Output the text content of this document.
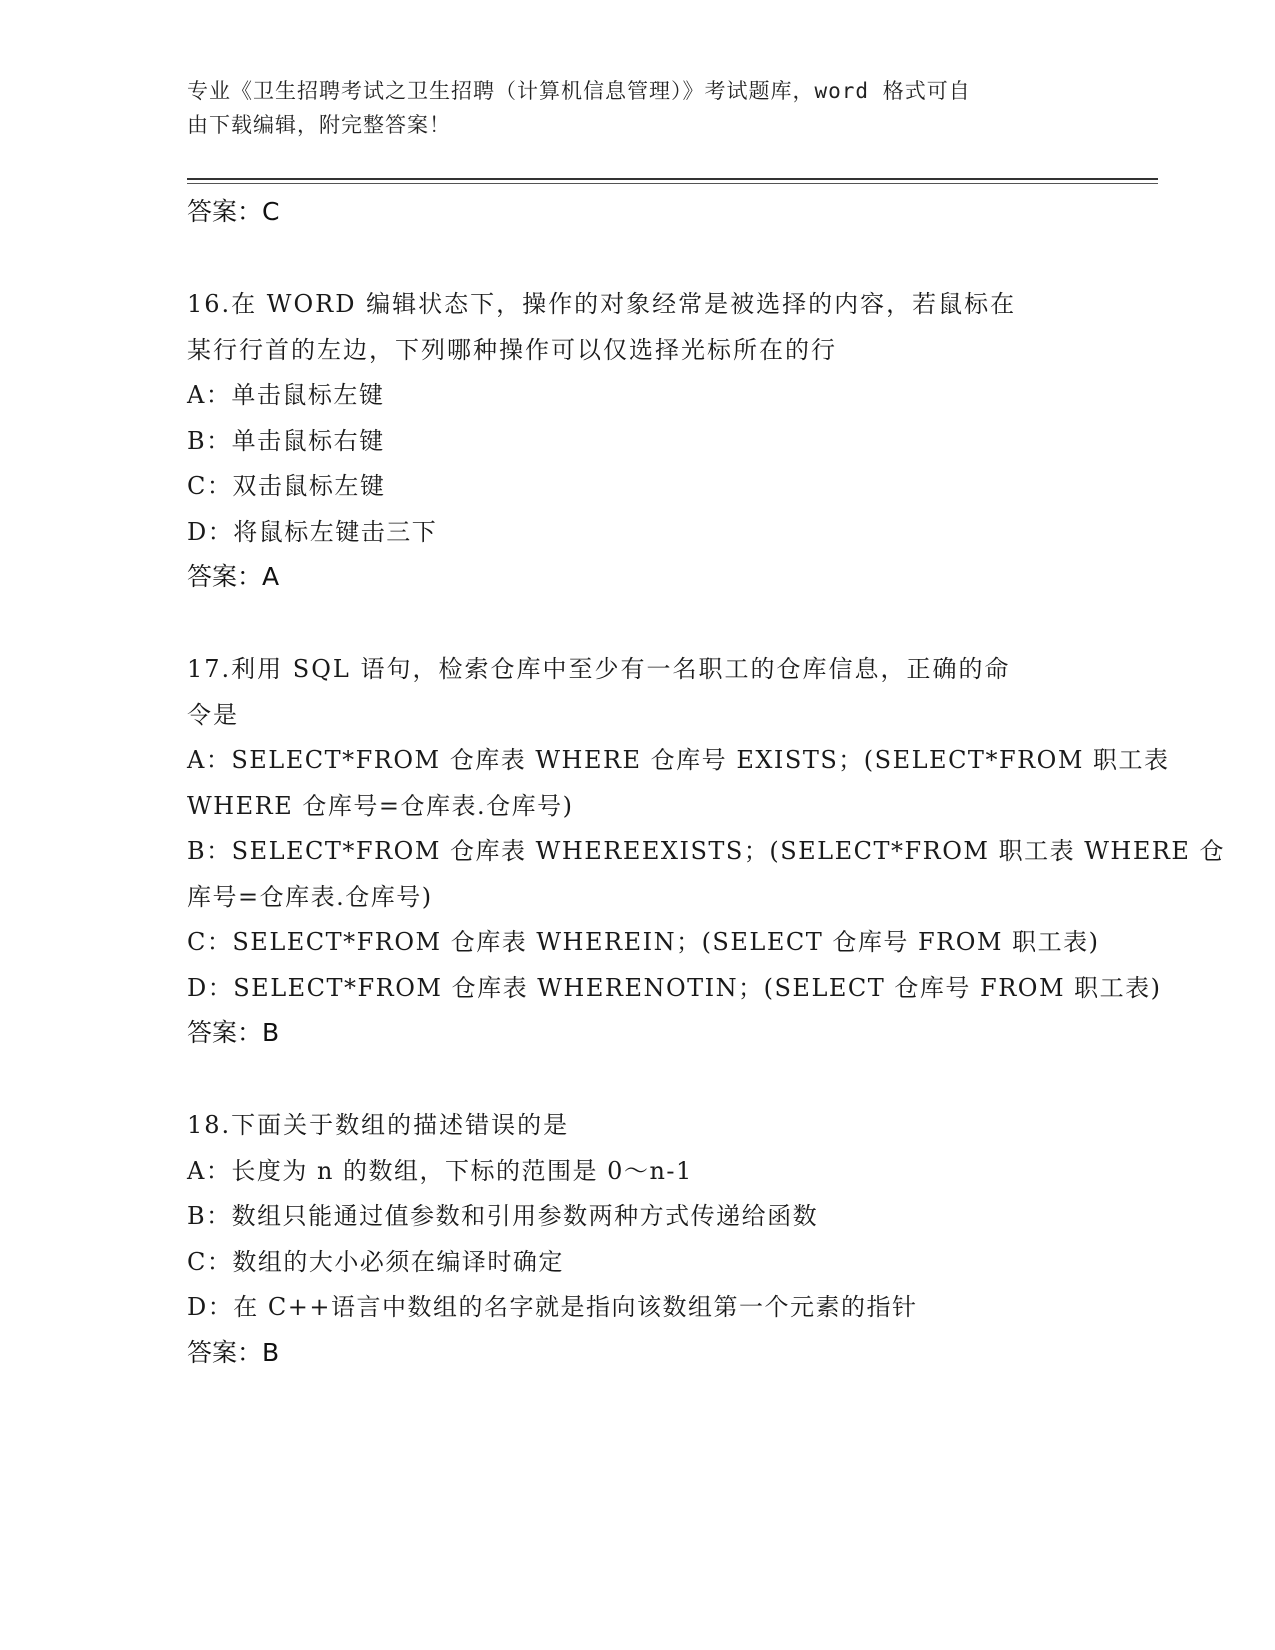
专业《卫生招聘考试之卫生招聘（计算机信息管理）》考试题库，word 格式可自
由下载编辑，附完整答案！
答案：C
16.在 WORD 编辑状态下，操作的对象经常是被选择的内容，若鼠标在
某行行首的左边，下列哪种操作可以仅选择光标所在的行
A：单击鼠标左键
B：单击鼠标右键
C：双击鼠标左键
D：将鼠标左键击三下
答案：A
17.利用 SQL 语句，检索仓库中至少有一名职工的仓库信息，正确的命
令是
A：SELECT*FROM 仓库表 WHERE 仓库号 EXISTS；(SELECT*FROM 职工表
WHERE 仓库号=仓库表.仓库号)
B：SELECT*FROM 仓库表 WHEREEXISTS；(SELECT*FROM 职工表 WHERE 仓
库号=仓库表.仓库号)
C：SELECT*FROM 仓库表 WHEREIN；(SELECT 仓库号 FROM 职工表)
D：SELECT*FROM 仓库表 WHERENOTIN；(SELECT 仓库号 FROM 职工表)
答案：B
18.下面关于数组的描述错误的是
A：长度为 n 的数组，下标的范围是 0～n-1
B：数组只能通过值参数和引用参数两种方式传递给函数
C：数组的大小必须在编译时确定
D：在 C++语言中数组的名字就是指向该数组第一个元素的指针
答案：B
